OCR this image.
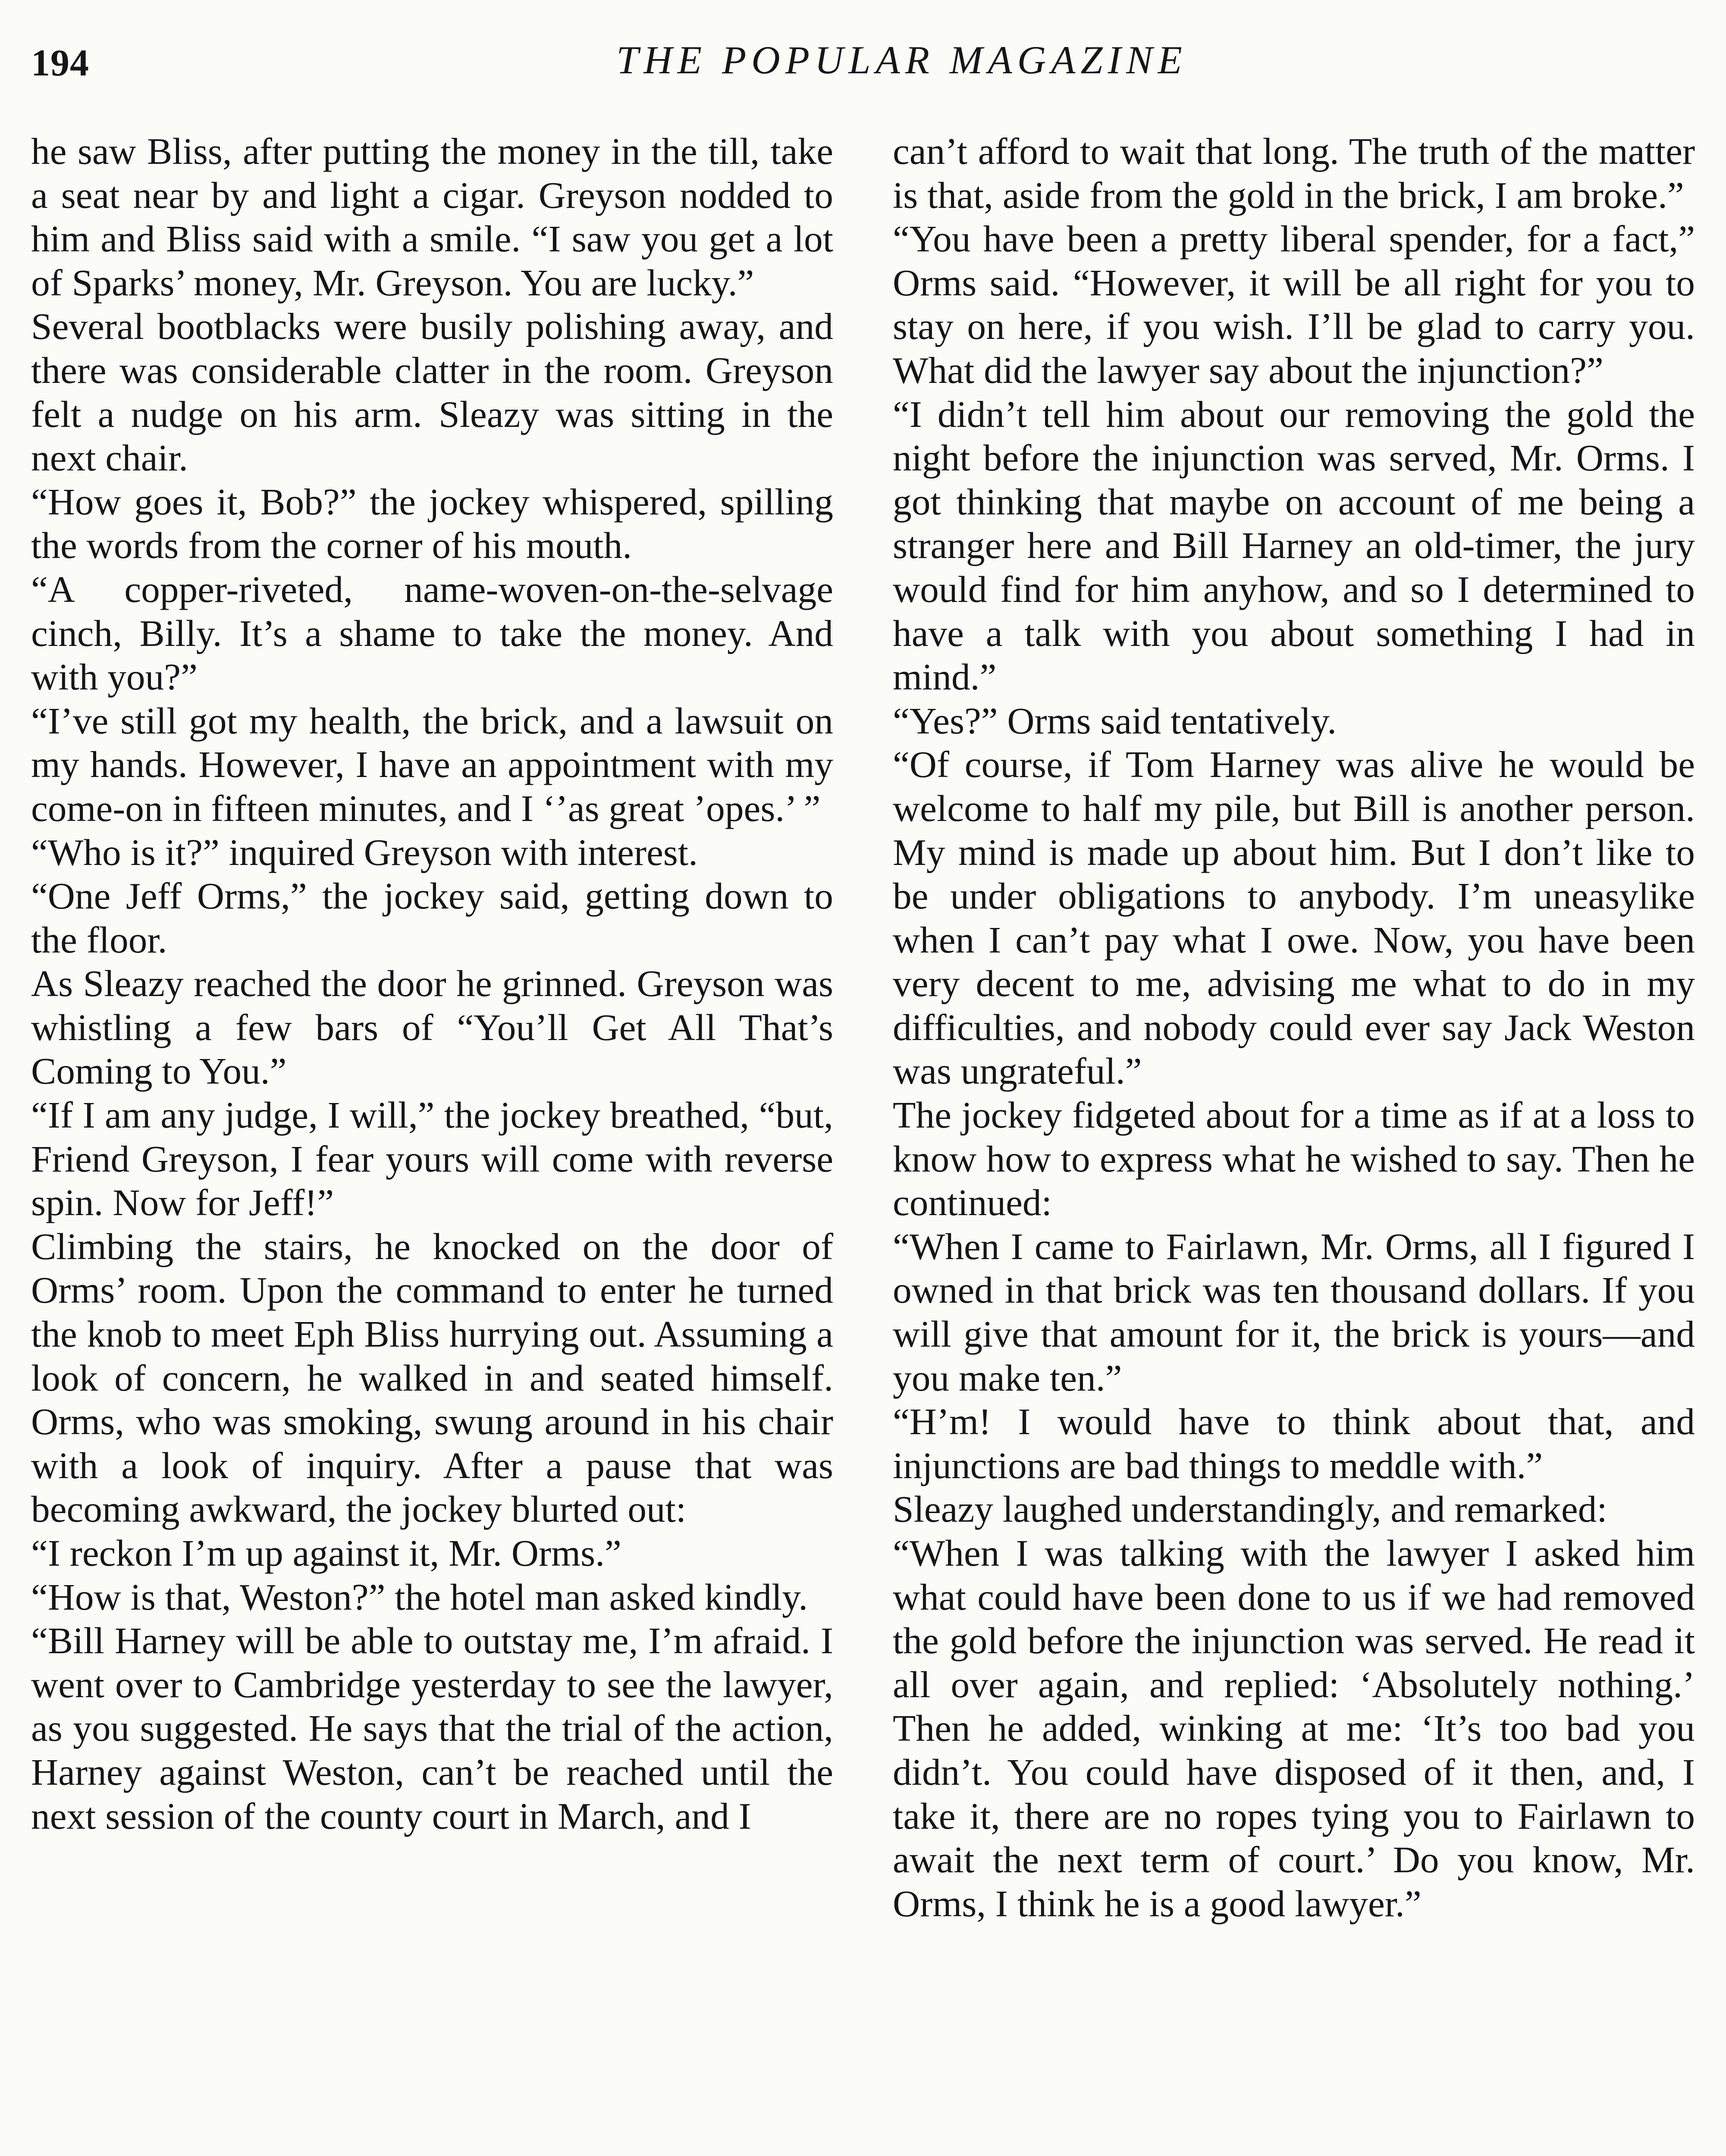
194	THE POPULAR MAGAZINE

he saw Bliss, after putting the money in the till, take a seat near by and light a cigar. Greyson nodded to him and Bliss said with a smile. “I saw you get a lot of Sparks’ money, Mr. Greyson. You are lucky.”

Several bootblacks were busily polishing away, and there was considerable clatter in the room. Greyson felt a nudge on his arm. Sleazy was sitting in the next chair.

“How goes it, Bob?” the jockey whispered, spilling the words from the corner of his mouth.

“A copper-riveted, name-woven-on-the-selvage cinch, Billy. It’s a shame to take the money. And with you?”

“I’ve still got my health, the brick, and a lawsuit on my hands. However, I have an appointment with my come-on in fifteen minutes, and I ‘’as great ’opes.’ ”

“Who is it?” inquired Greyson with interest.

“One Jeff Orms,” the jockey said, getting down to the floor.

As Sleazy reached the door he grinned. Greyson was whistling a few bars of “You’ll Get All That’s Coming to You.”

“If I am any judge, I will,” the jockey breathed, “but, Friend Greyson, I fear yours will come with reverse spin. Now for Jeff!”

Climbing the stairs, he knocked on the door of Orms’ room. Upon the command to enter he turned the knob to meet Eph Bliss hurrying out. Assuming a look of concern, he walked in and seated himself. Orms, who was smoking, swung around in his chair with a look of inquiry. After a pause that was becoming awkward, the jockey blurted out:

“I reckon I’m up against it, Mr. Orms.”

“How is that, Weston?” the hotel man asked kindly.

“Bill Harney will be able to outstay me, I’m afraid. I went over to Cambridge yesterday to see the lawyer, as you suggested. He says that the trial of the action, Harney against Weston, can’t be reached until the next session of the county court in March, and I

can’t afford to wait that long. The truth of the matter is that, aside from the gold in the brick, I am broke.”

“You have been a pretty liberal spender, for a fact,” Orms said. “However, it will be all right for you to stay on here, if you wish. I’ll be glad to carry you. What did the lawyer say about the injunction?”

“I didn’t tell him about our removing the gold the night before the injunction was served, Mr. Orms. I got thinking that maybe on account of me being a stranger here and Bill Harney an old-timer, the jury would find for him anyhow, and so I determined to have a talk with you about something I had in mind.”

“Yes?” Orms said tentatively.

“Of course, if Tom Harney was alive he would be welcome to half my pile, but Bill is another person. My mind is made up about him. But I don’t like to be under obligations to anybody. I’m uneasylike when I can’t pay what I owe. Now, you have been very decent to me, advising me what to do in my difficulties, and nobody could ever say Jack Weston was ungrateful.”

The jockey fidgeted about for a time as if at a loss to know how to express what he wished to say. Then he continued:

“When I came to Fairlawn, Mr. Orms, all I figured I owned in that brick was ten thousand dollars. If you will give that amount for it, the brick is yours—and you make ten.”

“H’m! I would have to think about that, and injunctions are bad things to meddle with.”

Sleazy laughed understandingly, and remarked:

“When I was talking with the lawyer I asked him what could have been done to us if we had removed the gold before the injunction was served. He read it all over again, and replied: ‘Absolutely nothing.’ Then he added, winking at me: ‘It’s too bad you didn’t. You could have disposed of it then, and, I take it, there are no ropes tying you to Fairlawn to await the next term of court.’ Do you know, Mr. Orms, I think he is a good lawyer.”
